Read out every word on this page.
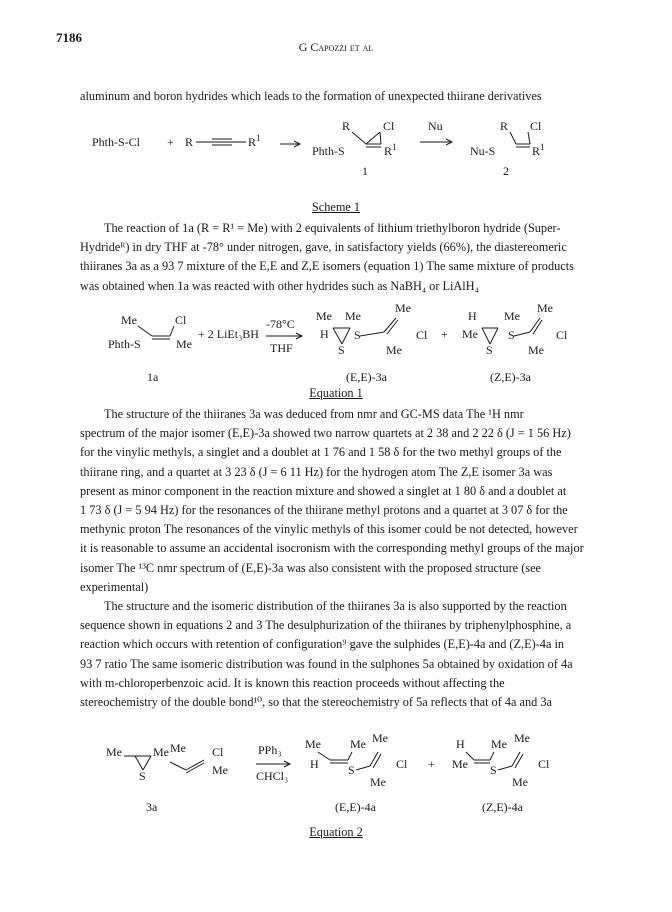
7186
G Capozzi et al
aluminum and boron hydrides which leads to the formation of unexpected thiirane derivatives
Phth-S-Cl + R	$R^1$
R	Cl
Phth-S	$R^1$
1
Nu	R Cl
Nu-S	$R^1$
2
Scheme 1

The reaction of 1a (R = R¹ = Me) with 2 equivalents of lithium triethylboron hydride (Super-

Hydrideᴿ) in dry THF at -78° under nitrogen, gave, in satisfactory yields (66%), the diastereomeric

thiiranes 3a as a 93 7 mixture of the E,E and Z,E isomers (equation 1) The same mixture of products

was obtained when 1a was reacted with other hydrides such as NaBH₄ or LiAlH₄

Me	Cl
Phth-S	Me
+ 2 LiEt₃BH
-78°C
THF
Me Me
Me
H
S
S	Cl
Me
+
H Me
Me
Me
S
S	Cl
Me
1a	(E,E)-3a	(Z,E)-3a
Equation 1

The structure of the thiiranes 3a was deduced from nmr and GC-MS data The ¹H nmr

spectrum of the major isomer (E,E)-3a showed two narrow quartets at 2 38 and 2 22 δ (J = 1 56 Hz)

for the vinylic methyls, a singlet and a doublet at 1 76 and 1 58 δ for the two methyl groups of the

thiirane ring, and a quartet at 3 23 δ (J = 6 11 Hz) for the hydrogen atom The Z,E isomer 3a was

present as minor component in the reaction mixture and showed a singlet at 1 80 δ and a doublet at

1 73 δ (J = 5 94 Hz) for the resonances of the thiirane methyl protons and a quartet at 3 07 δ for the

methynic proton The resonances of the vinylic methyls of this isomer could be not detected, however

it is reasonable to assume an accidental isocronism with the corresponding methyl groups of the major

isomer The ¹³C nmr spectrum of (E,E)-3a was also consistent with the proposed structure (see

experimental)

The structure and the isomeric distribution of the thiiranes 3a is also supported by the reaction

sequence shown in equations 2 and 3 The desulphurization of the thiiranes by triphenylphosphine, a

reaction which occurs with retention of configuration⁹ gave the sulphides (E,E)-4a and (Z,E)-4a in

93 7 ratio The same isomeric distribution was found in the sulphones 5a obtained by oxidation of 4a

with m-chloroperbenzoic acid. It is known this reaction proceeds without affecting the

stereochemistry of the double bond¹⁰, so that the stereochemistry of 5a reflects that of 4a and 3a

Me	Me Me Cl
S	Me
PPh₃
CHCl₃
Me Me Me
H S	Cl
Me
+
H Me Me
Me S	Cl
Me
3a	(E,E)-4a	(Z,E)-4a
Equation 2
